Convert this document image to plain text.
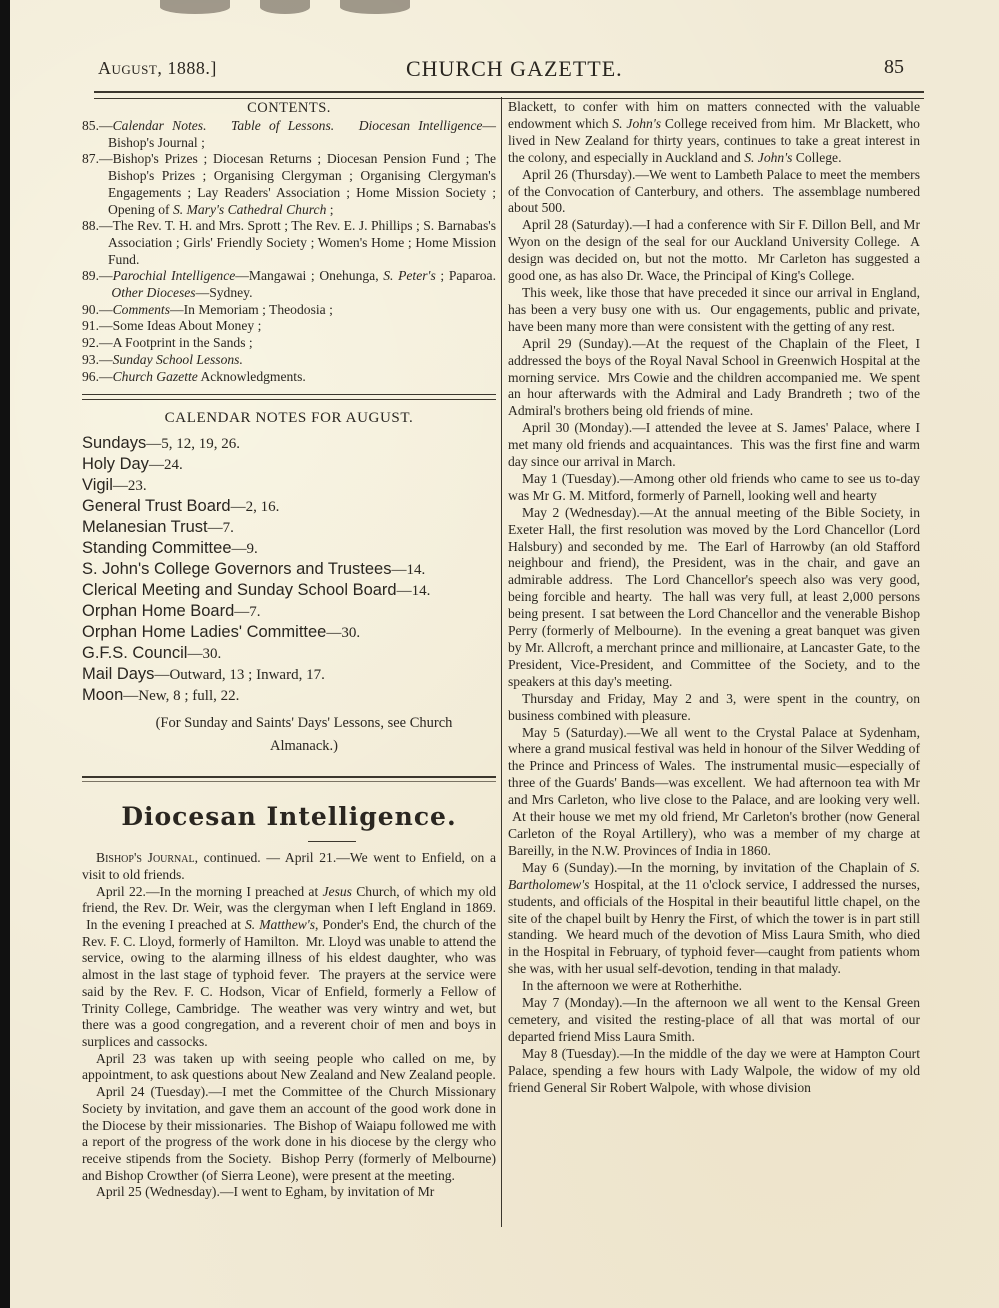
August, 1888.]	CHURCH GAZETTE.	85
CONTENTS.
85.—Calendar Notes. Table of Lessons. Diocesan Intelligence— Bishop's Journal ;
87.—Bishop's Prizes ; Diocesan Returns ; Diocesan Pension Fund ; The Bishop's Prizes ; Organising Clergyman ; Organising Clergyman's Engagements ; Lay Readers' Association ; Home Mission Society ; Opening of S. Mary's Cathedral Church ;
88.—The Rev. T. H. and Mrs. Sprott ; The Rev. E. J. Phillips ; S. Barnabas's Association ; Girls' Friendly Society ; Women's Home ; Home Mission Fund.
89.—Parochial Intelligence—Mangawai ; Onehunga, S. Peter's ; Paparoa.  Other Dioceses—Sydney.
90.—Comments—In Memoriam ; Theodosia ;
91.—Some Ideas About Money ;
92.—A Footprint in the Sands ;
93.—Sunday School Lessons.
96.—Church Gazette Acknowledgments.
CALENDAR NOTES FOR AUGUST.
Sundays—5, 12, 19, 26.
Holy Day—24.
Vigil—23.
General Trust Board—2, 16.
Melanesian Trust—7.
Standing Committee—9.
S. John's College Governors and Trustees—14.
Clerical Meeting and Sunday School Board—14.
Orphan Home Board—7.
Orphan Home Ladies' Committee—30.
G.F.S. Council—30.
Mail Days—Outward, 13 ; Inward, 17.
Moon—New, 8 ; full, 22.
(For Sunday and Saints' Days' Lessons, see Church Almanack.)
Diocesan Intelligence.

Bishop's Journal, continued. — April 21.—We went to Enfield, on a visit to old friends.

April 22.—In the morning I preached at Jesus Church, of which my old friend, the Rev. Dr. Weir, was the clergyman when I left England in 1869.  In the evening I preached at S. Matthew's, Ponder's End, the church of the Rev. F. C. Lloyd, formerly of Hamilton.  Mr. Lloyd was unable to attend the service, owing to the alarming illness of his eldest daughter, who was almost in the last stage of typhoid fever.  The prayers at the service were said by the Rev. F. C. Hodson, Vicar of Enfield, formerly a Fellow of Trinity College, Cambridge.  The weather was very wintry and wet, but there was a good congregation, and a reverent choir of men and boys in surplices and cassocks.

April 23 was taken up with seeing people who called on me, by appointment, to ask questions about New Zealand and New Zealand people.

April 24 (Tuesday).—I met the Committee of the Church Missionary Society by invitation, and gave them an account of the good work done in the Diocese by their missionaries.  The Bishop of Waiapu followed me with a report of the progress of the work done in his diocese by the clergy who receive stipends from the Society.  Bishop Perry (formerly of Melbourne) and Bishop Crowther (of Sierra Leone), were present at the meeting.

April 25 (Wednesday).—I went to Egham, by invitation of Mr

Blackett, to confer with him on matters connected with the valuable endowment which S. John's College received from him.  Mr Blackett, who lived in New Zealand for thirty years, continues to take a great interest in the colony, and especially in Auckland and S. John's College.

April 26 (Thursday).—We went to Lambeth Palace to meet the members of the Convocation of Canterbury, and others.  The assemblage numbered about 500.

April 28 (Saturday).—I had a conference with Sir F. Dillon Bell, and Mr Wyon on the design of the seal for our Auckland University College.  A design was decided on, but not the motto.  Mr Carleton has suggested a good one, as has also Dr. Wace, the Principal of King's College.

This week, like those that have preceded it since our arrival in England, has been a very busy one with us.  Our engagements, public and private, have been many more than were consistent with the getting of any rest.

April 29 (Sunday).—At the request of the Chaplain of the Fleet, I addressed the boys of the Royal Naval School in Greenwich Hospital at the morning service.  Mrs Cowie and the children accompanied me.  We spent an hour afterwards with the Admiral and Lady Brandreth ; two of the Admiral's brothers being old friends of mine.

April 30 (Monday).—I attended the levee at S. James' Palace, where I met many old friends and acquaintances.  This was the first fine and warm day since our arrival in March.

May 1 (Tuesday).—Among other old friends who came to see us to-day was Mr G. M. Mitford, formerly of Parnell, looking well and hearty

May 2 (Wednesday).—At the annual meeting of the Bible Society, in Exeter Hall, the first resolution was moved by the Lord Chancellor (Lord Halsbury) and seconded by me.  The Earl of Harrowby (an old Stafford neighbour and friend), the President, was in the chair, and gave an admirable address.  The Lord Chancellor's speech also was very good, being forcible and hearty.  The hall was very full, at least 2,000 persons being present.  I sat between the Lord Chancellor and the venerable Bishop Perry (formerly of Melbourne).  In the evening a great banquet was given by Mr. Allcroft, a merchant prince and millionaire, at Lancaster Gate, to the President, Vice-President, and Committee of the Society, and to the speakers at this day's meeting.

Thursday and Friday, May 2 and 3, were spent in the country, on business combined with pleasure.

May 5 (Saturday).—We all went to the Crystal Palace at Sydenham, where a grand musical festival was held in honour of the Silver Wedding of the Prince and Princess of Wales.  The instrumental music—especially of three of the Guards' Bands—was excellent.  We had afternoon tea with Mr and Mrs Carleton, who live close to the Palace, and are looking very well.  At their house we met my old friend, Mr Carleton's brother (now General Carleton of the Royal Artillery), who was a member of my charge at Bareilly, in the N.W. Provinces of India in 1860.

May 6 (Sunday).—In the morning, by invitation of the Chaplain of S. Bartholomew's Hospital, at the 11 o'clock service, I addressed the nurses, students, and officials of the Hospital in their beautiful little chapel, on the site of the chapel built by Henry the First, of which the tower is in part still standing.  We heard much of the devotion of Miss Laura Smith, who died in the Hospital in February, of typhoid fever—caught from patients whom she was, with her usual self-devotion, tending in that malady.

In the afternoon we were at Rotherhithe.

May 7 (Monday).—In the afternoon we all went to the Kensal Green cemetery, and visited the resting-place of all that was mortal of our departed friend Miss Laura Smith.

May 8 (Tuesday).—In the middle of the day we were at Hampton Court Palace, spending a few hours with Lady Walpole, the widow of my old friend General Sir Robert Walpole, with whose division
